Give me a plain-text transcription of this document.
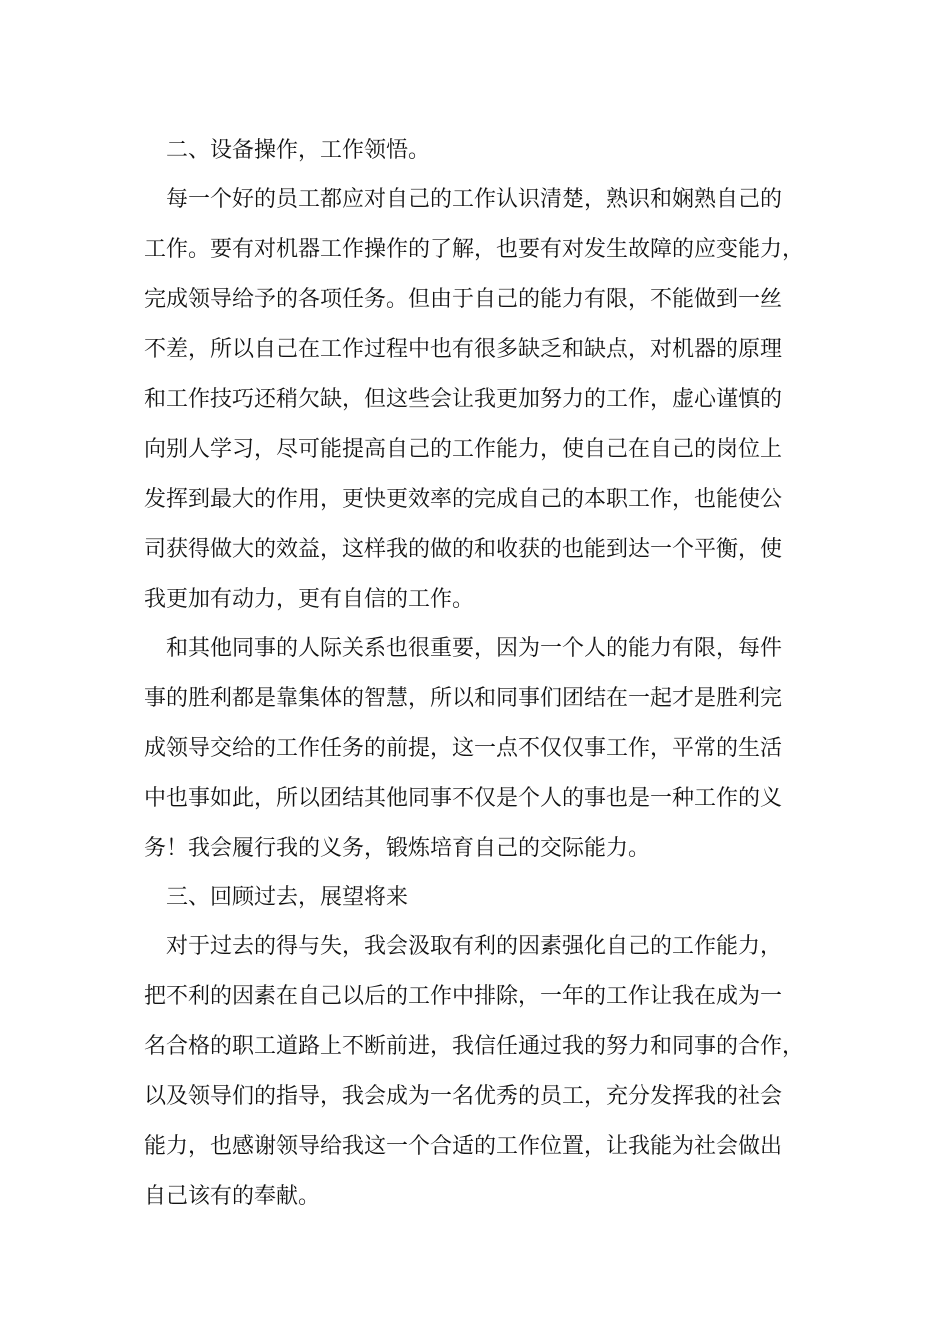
二、设备操作，工作领悟。
每一个好的员工都应对自己的工作认识清楚，熟识和娴熟自己的
工作。要有对机器工作操作的了解，也要有对发生故障的应变能力，
完成领导给予的各项任务。但由于自己的能力有限，不能做到一丝
不差，所以自己在工作过程中也有很多缺乏和缺点，对机器的原理
和工作技巧还稍欠缺，但这些会让我更加努力的工作，虚心谨慎的
向别人学习，尽可能提高自己的工作能力，使自己在自己的岗位上
发挥到最大的作用，更快更效率的完成自己的本职工作，也能使公
司获得做大的效益，这样我的做的和收获的也能到达一个平衡，使
我更加有动力，更有自信的工作。
和其他同事的人际关系也很重要，因为一个人的能力有限，每件
事的胜利都是靠集体的智慧，所以和同事们团结在一起才是胜利完
成领导交给的工作任务的前提，这一点不仅仅事工作，平常的生活
中也事如此，所以团结其他同事不仅是个人的事也是一种工作的义
务！我会履行我的义务，锻炼培育自己的交际能力。
三、回顾过去，展望将来
对于过去的得与失，我会汲取有利的因素强化自己的工作能力，
把不利的因素在自己以后的工作中排除，一年的工作让我在成为一
名合格的职工道路上不断前进，我信任通过我的努力和同事的合作，
以及领导们的指导，我会成为一名优秀的员工，充分发挥我的社会
能力，也感谢领导给我这一个合适的工作位置，让我能为社会做出
自己该有的奉献。
